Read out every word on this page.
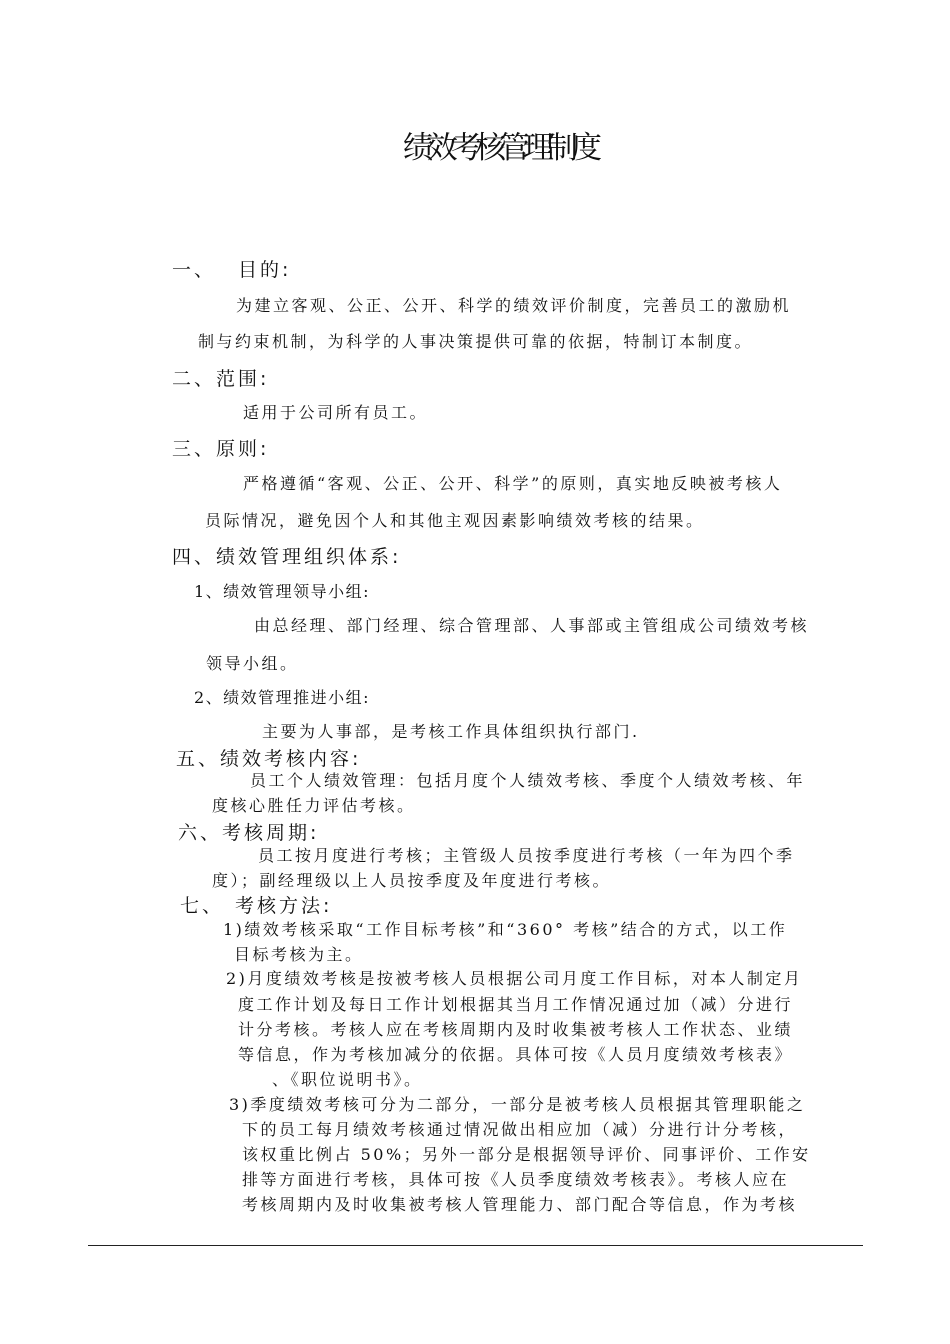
绩效考核管理制度
一、 目的:
为建立客观、公正、公开、科学的绩效评价制度，完善员工的激励机
制与约束机制，为科学的人事决策提供可靠的依据，特制订本制度。
二、范围:
适用于公司所有员工。
三、原则:
严格遵循“客观、公正、公开、科学”的原则，真实地反映被考核人
员际情况，避免因个人和其他主观因素影响绩效考核的结果。
四、绩效管理组织体系:
1、绩效管理领导小组:
由总经理、部门经理、综合管理部、人事部或主管组成公司绩效考核
领导小组。
2、绩效管理推进小组:
主要为人事部，是考核工作具体组织执行部门.
五、绩效考核内容:
员工个人绩效管理：包括月度个人绩效考核、季度个人绩效考核、年
度核心胜任力评估考核。
六、考核周期:
员工按月度进行考核；主管级人员按季度进行考核（一年为四个季
度）；副经理级以上人员按季度及年度进行考核。
七、 考核方法:
1)绩效考核采取“工作目标考核”和“360° 考核”结合的方式，以工作
目标考核为主。
2)月度绩效考核是按被考核人员根据公司月度工作目标，对本人制定月
度工作计划及每日工作计划根据其当月工作情况通过加（减）分进行
计分考核。考核人应在考核周期内及时收集被考核人工作状态、业绩
等信息，作为考核加减分的依据。具体可按《人员月度绩效考核表》
、《职位说明书》。
3)季度绩效考核可分为二部分，一部分是被考核人员根据其管理职能之
下的员工每月绩效考核通过情况做出相应加（减）分进行计分考核，
该权重比例占 50%；另外一部分是根据领导评价、同事评价、工作安
排等方面进行考核，具体可按《人员季度绩效考核表》。考核人应在
考核周期内及时收集被考核人管理能力、部门配合等信息，作为考核
